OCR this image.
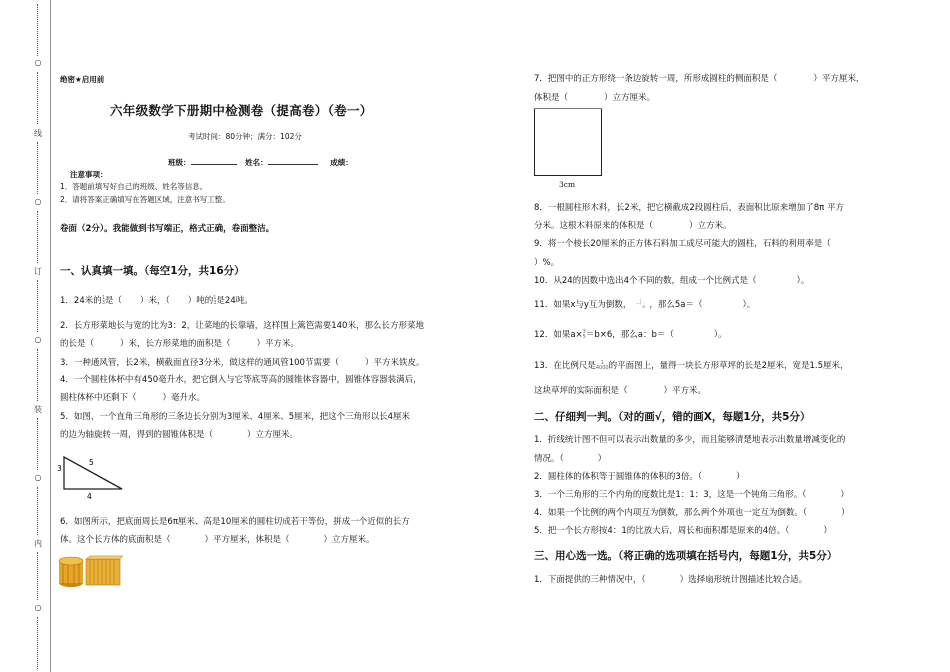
○
线
○
订
○
装
○
内
○
绝密★启用前
六年级数学下册期中检测卷（提高卷）（卷一）
考试时间：80分钟；满分：102分
班级：	姓名：	成绩：
注意事项：
1．答题前填写好自己的班级、姓名等信息。
2．请将答案正确填写在答题区域，注意书写工整。
卷面（2分）。我能做到书写端正，格式正确，卷面整洁。
一、认真填一填。（每空1分，共16分）
1．24米的1
3是（ ）米，（ ）吨的1
3是24吨。
2．长方形菜地长与宽的比为3：2，让菜地的长靠墙，这样围上篱笆需要140米，那么长方形菜地
的长是（	）米，长方形菜地的面积是（	）平方米。
3．一种通风管，长2米，横截面直径3分米，做这样的通风管100节需要（	）平方米铁皮。
4．一个圆柱体杯中有450毫升水，把它倒入与它等底等高的圆锥体容器中，圆锥体容器装满后，
圆柱体杯中还剩下（	）毫升水。
5．如图，一个直角三角形的三条边长分别为3厘米、4厘米、5厘米，把这个三角形以长4厘米
的边为轴旋转一周，得到的圆锥体积是（	）立方厘米。
3
5
4
6．如图所示，把底面周长是6π厘米、高是10厘米的圆柱切成若干等份，拼成一个近似的长方
体。这个长方体的底面积是（	）平方厘米，体积是（	）立方厘米。
7．把图中的正方形绕一条边旋转一周，所形成圆柱的侧面积是（	）平方厘米，
体积是（	）立方厘米。
3cm
8．一根圆柱形木料，长2米，把它横截成2段圆柱后，表面积比原来增加了8π 平方
分米。这根木料原来的体积是（	）立方米。
9．将一个棱长20厘米的正方体石料加工成尽可能大的圆柱，石料的利用率是（
）%。
10．从24的因数中选出4个不同的数，组成一个比例式是（	）。
11．如果x与y互为倒数， |
⌒ a ，那么5a＝（	）。
12．如果a×3
5＝b×6，那么a：b＝（	）。
13．在比例尺是 1
4000的平面图上，量得一块长方形草坪的长是2厘米，宽是1.5厘米，
这块草坪的实际面积是（	）平方米。
二、仔细判一判。（对的画√，错的画X，每题1分，共5分）
1．折线统计图不但可以表示出数量的多少，而且能够清楚地表示出数量增减变化的
情况。（　　　　）
2．圆柱体的体积等于圆锥体的体积的3倍。（　　　　）
3．一个三角形的三个内角的度数比是1：1：3，这是一个钝角三角形。（　　　　）
4．如果一个比例的两个内项互为倒数，那么两个外项也一定互为倒数。（　　　　）
5．把一个长方形按4：1的比放大后，周长和面积都是原来的4倍。（　　　　）
三、用心选一选。（将正确的选项填在括号内，每题1分，共5分）
1．下面提供的三种情况中，（　　　　）选择扇形统计图描述比较合适。
